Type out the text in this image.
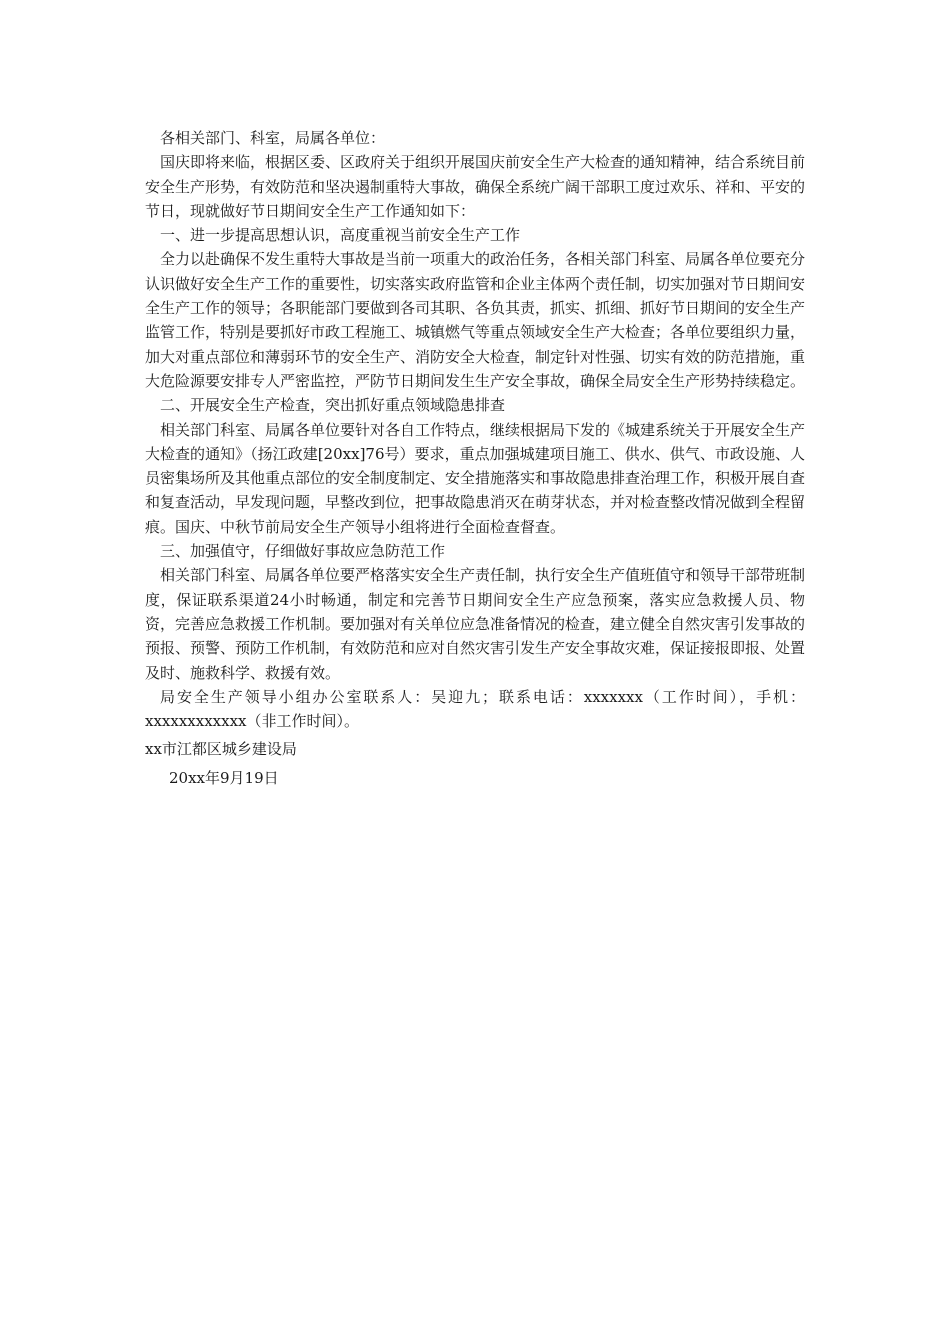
各相关部门、科室，局属各单位：

国庆即将来临，根据区委、区政府关于组织开展国庆前安全生产大检查的通知精神，结合系统目前安全生产形势，有效防范和坚决遏制重特大事故，确保全系统广阔干部职工度过欢乐、祥和、平安的节日，现就做好节日期间安全生产工作通知如下：

一、进一步提高思想认识，高度重视当前安全生产工作

全力以赴确保不发生重特大事故是当前一项重大的政治任务，各相关部门科室、局属各单位要充分认识做好安全生产工作的重要性，切实落实政府监管和企业主体两个责任制，切实加强对节日期间安全生产工作的领导；各职能部门要做到各司其职、各负其责，抓实、抓细、抓好节日期间的安全生产监管工作，特别是要抓好市政工程施工、城镇燃气等重点领域安全生产大检查；各单位要组织力量，加大对重点部位和薄弱环节的安全生产、消防安全大检查，制定针对性强、切实有效的防范措施，重大危险源要安排专人严密监控，严防节日期间发生生产安全事故，确保全局安全生产形势持续稳定。

二、开展安全生产检查，突出抓好重点领域隐患排查

相关部门科室、局属各单位要针对各自工作特点，继续根据局下发的《城建系统关于开展安全生产大检查的通知》（扬江政建[20xx]76号）要求，重点加强城建项目施工、供水、供气、市政设施、人员密集场所及其他重点部位的安全制度制定、安全措施落实和事故隐患排查治理工作，积极开展自查和复查活动，早发现问题，早整改到位，把事故隐患消灭在萌芽状态，并对检查整改情况做到全程留痕。国庆、中秋节前局安全生产领导小组将进行全面检查督查。

三、加强值守，仔细做好事故应急防范工作

相关部门科室、局属各单位要严格落实安全生产责任制，执行安全生产值班值守和领导干部带班制度，保证联系渠道24小时畅通，制定和完善节日期间安全生产应急预案，落实应急救援人员、物资，完善应急救援工作机制。要加强对有关单位应急准备情况的检查，建立健全自然灾害引发事故的预报、预警、预防工作机制，有效防范和应对自然灾害引发生产安全事故灾难，保证接报即报、处置及时、施救科学、救援有效。

局安全生产领导小组办公室联系人：吴迎九；联系电话：xxxxxxx（工作时间），手机：xxxxxxxxxxxx（非工作时间）。

xx市江都区城乡建设局

20xx年9月19日
